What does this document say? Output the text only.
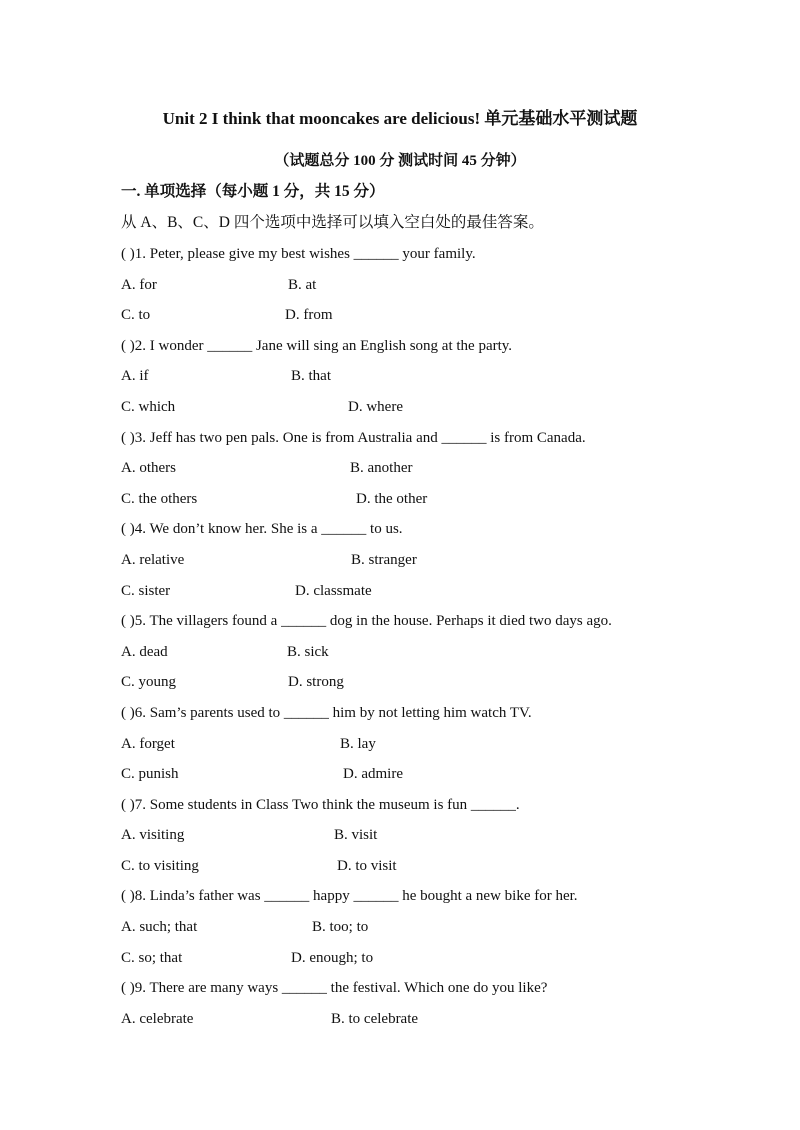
Unit 2 I think that mooncakes are delicious! 单元基础水平测试题
（试题总分 100 分 测试时间 45 分钟）
一. 单项选择（每小题 1 分，共 15 分）
从 A、B、C、D 四个选项中选择可以填入空白处的最佳答案。
( )1. Peter, please give my best wishes ______ your family.
A. for	B. at
C. to	D. from
( )2. I wonder ______ Jane will sing an English song at the party.
A. if	B. that
C. which	D. where
( )3. Jeff has two pen pals. One is from Australia and ______ is from Canada.
A. others	B. another
C. the others	D. the other
( )4. We don’t know her. She is a ______ to us.
A. relative	B. stranger
C. sister	D. classmate
( )5. The villagers found a ______ dog in the house. Perhaps it died two days ago.
A. dead	B. sick
C. young	D. strong
( )6. Sam’s parents used to ______ him by not letting him watch TV.
A. forget	B. lay
C. punish	D. admire
( )7. Some students in Class Two think the museum is fun ______.
A. visiting	B. visit
C. to visiting	D. to visit
( )8. Linda’s father was ______ happy ______ he bought a new bike for her.
A. such; that	B. too; to
C. so; that	D. enough; to
( )9. There are many ways ______ the festival. Which one do you like?
A. celebrate	B. to celebrate
